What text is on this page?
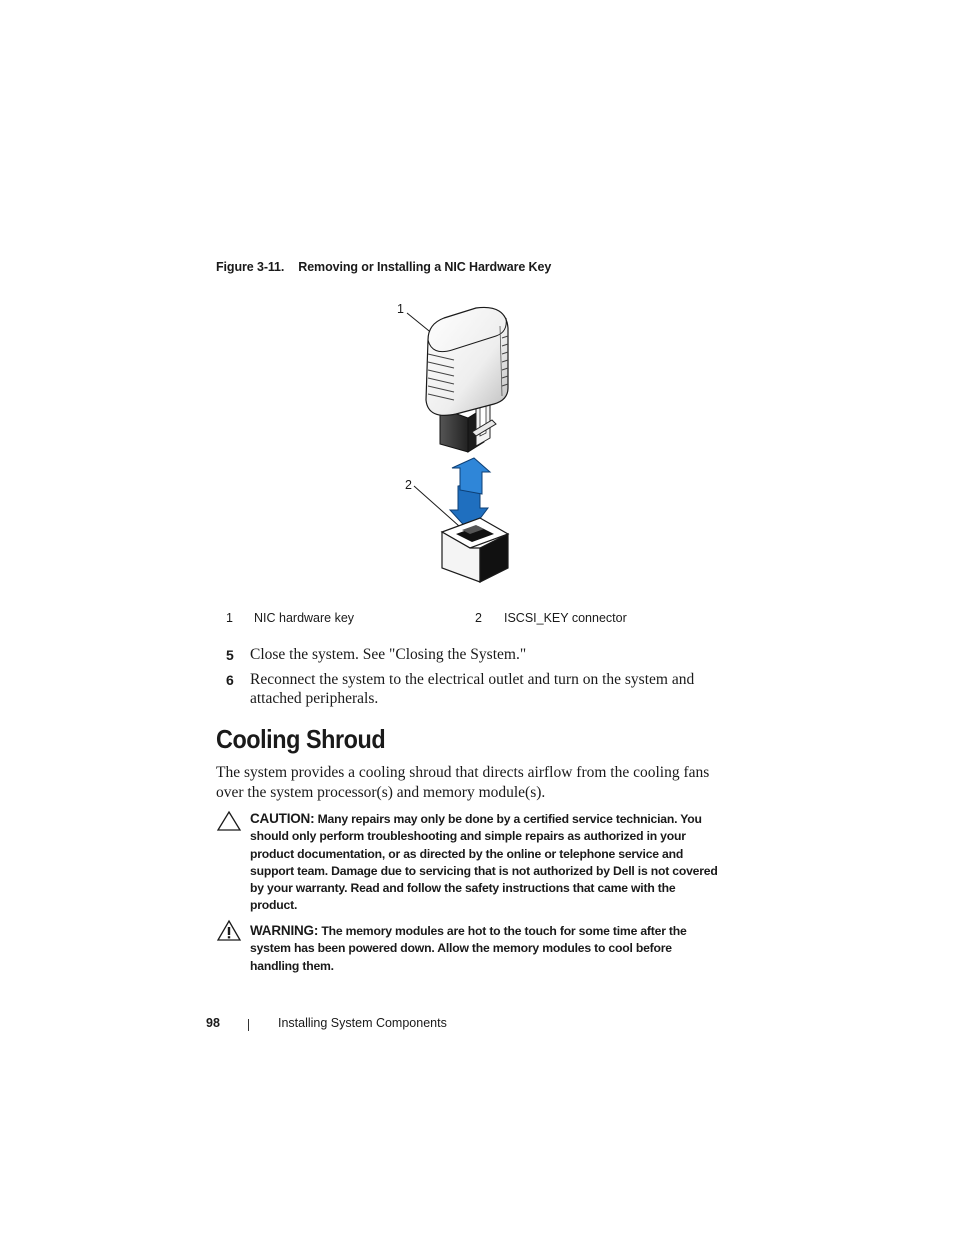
Figure 3-11. Removing or Installing a NIC Hardware Key
1
2
1 NIC hardware key	2 ISCSI_KEY connector
5 Close the system. See "Closing the System."
6 Reconnect the system to the electrical outlet and turn on the system and attached peripherals.
Cooling Shroud

The system provides a cooling shroud that directs airflow from the cooling fans over the system processor(s) and memory module(s).

CAUTION: Many repairs may only be done by a certified service technician. You should only perform troubleshooting and simple repairs as authorized in your product documentation, or as directed by the online or telephone service and support team. Damage due to servicing that is not authorized by Dell is not covered by your warranty. Read and follow the safety instructions that came with the product.
WARNING: The memory modules are hot to the touch for some time after the system has been powered down. Allow the memory modules to cool before handling them.
98	Installing System Components
